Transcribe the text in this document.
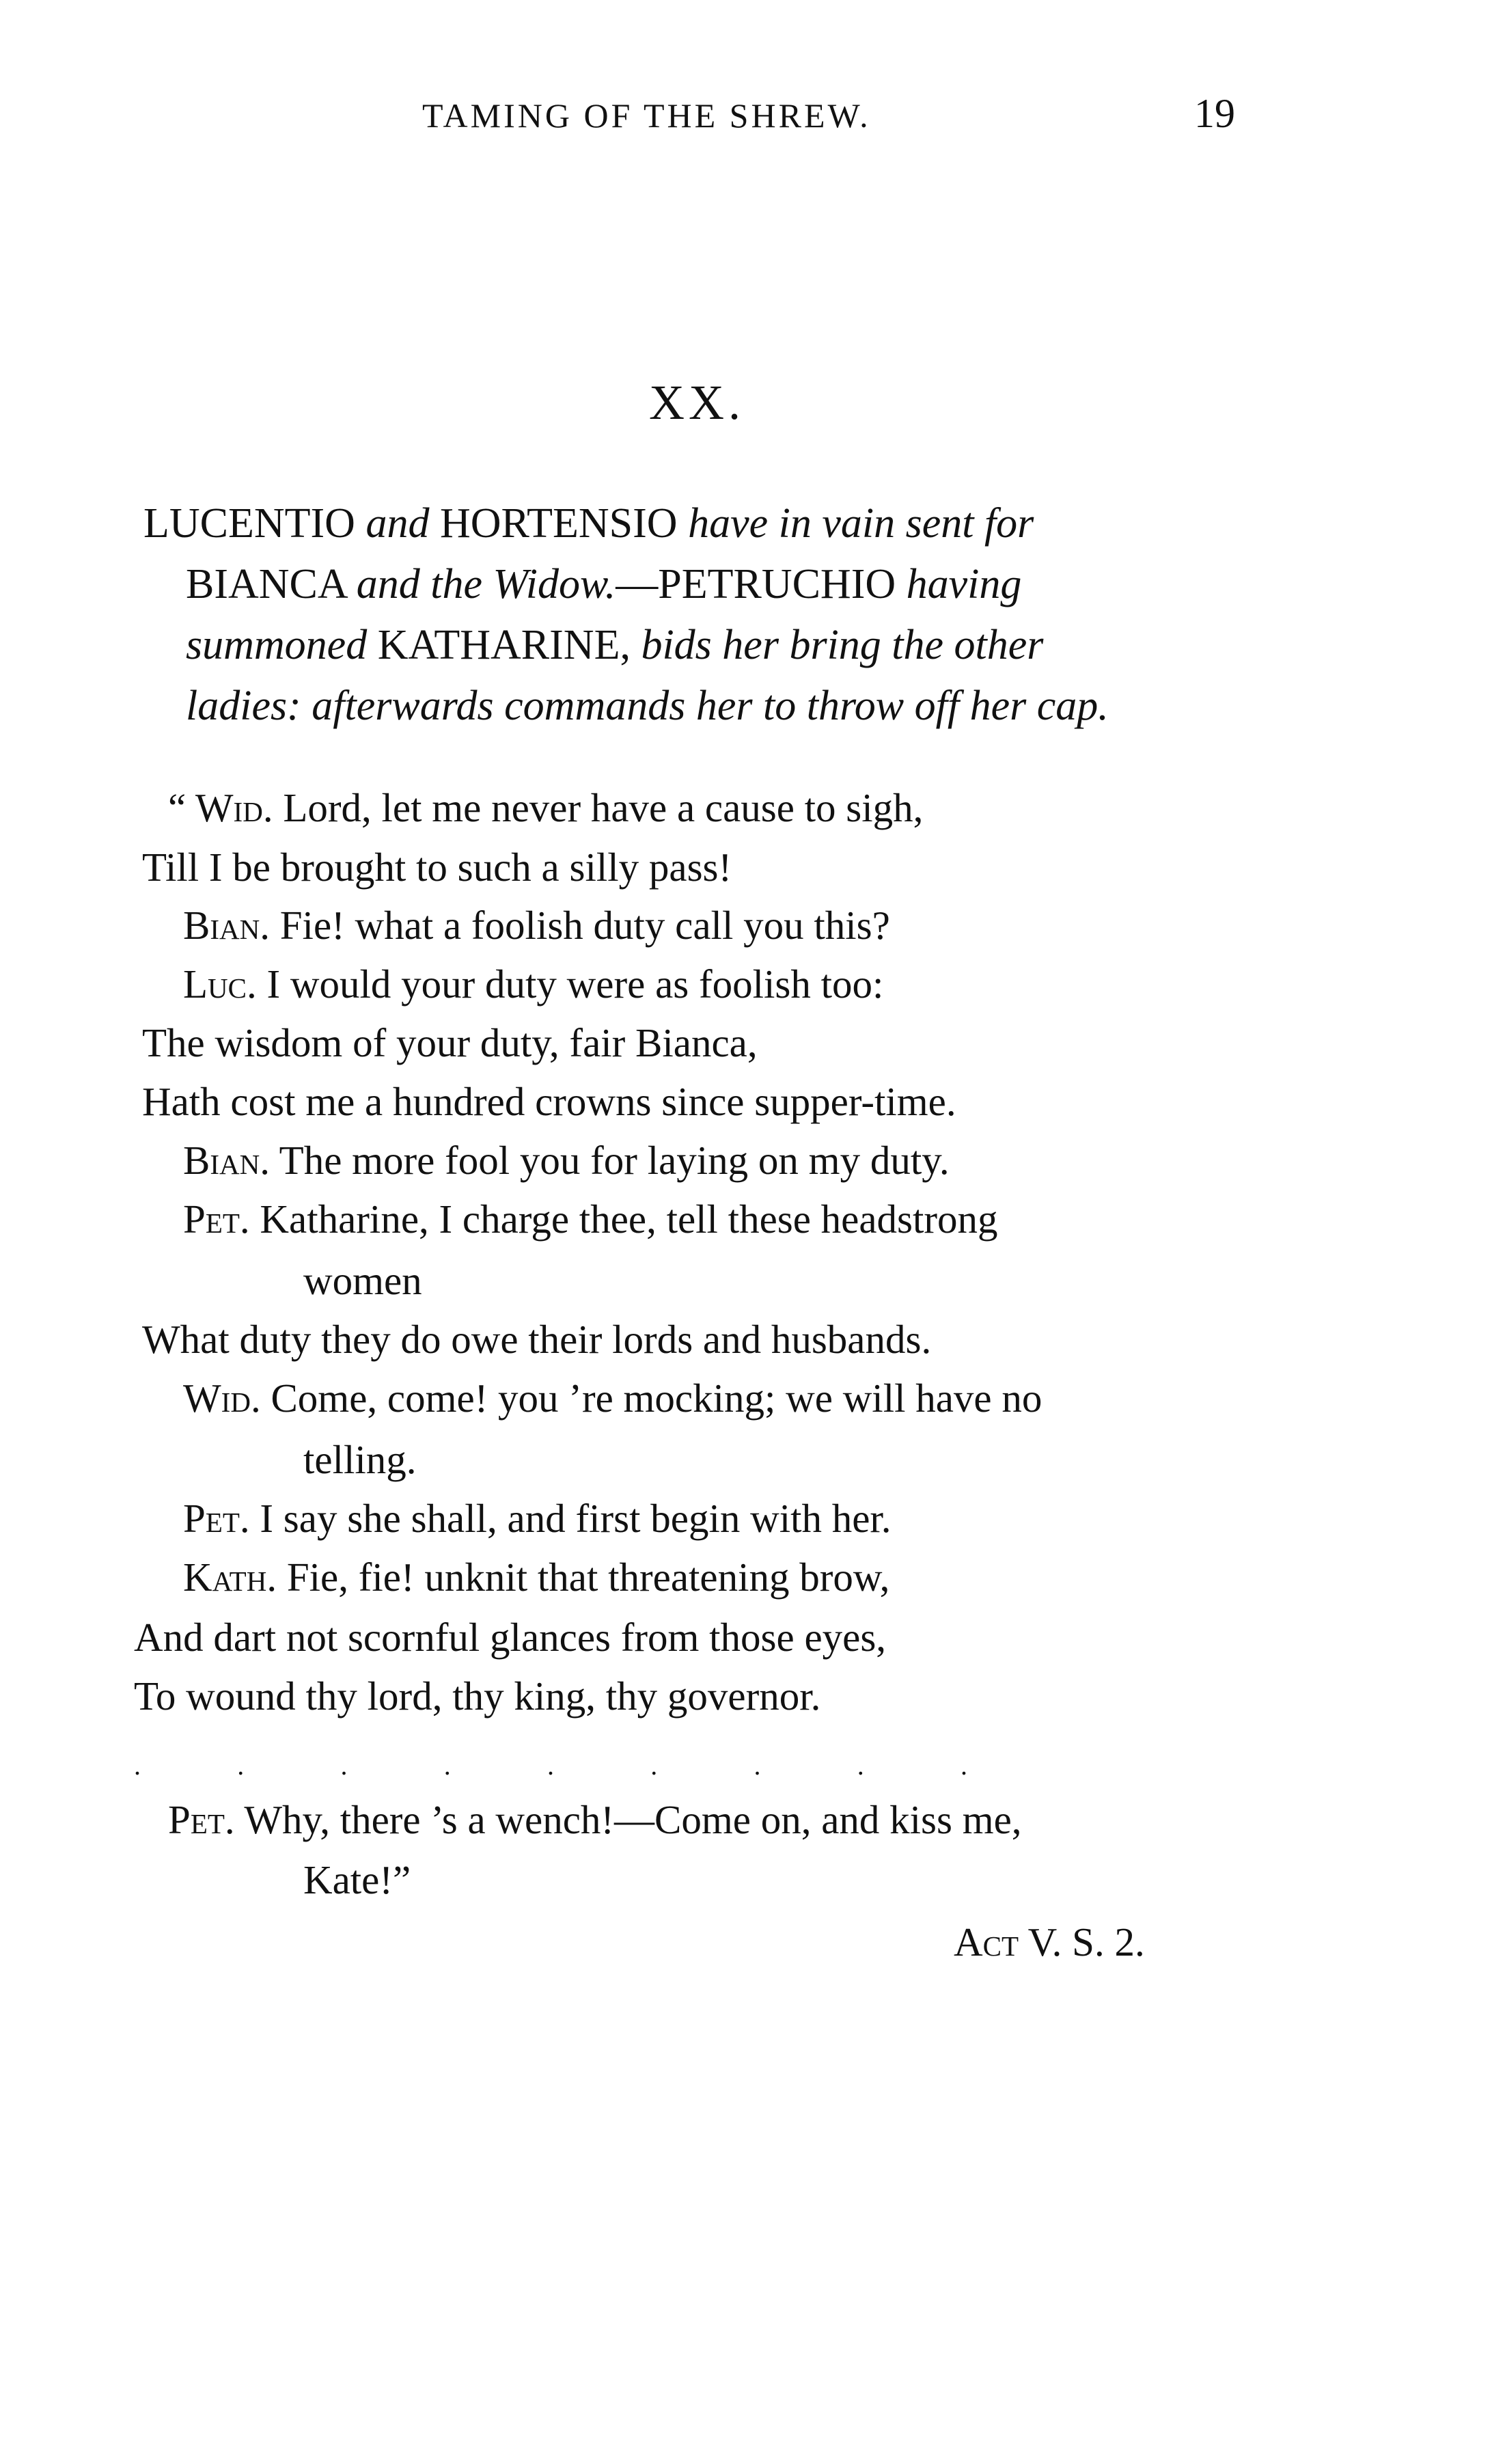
TAMING OF THE SHREW.	19
XX.
LUCENTIO and HORTENSIO have in vain sent for
BIANCA and the Widow.—PETRUCHIO having
summoned KATHARINE, bids her bring the other
ladies: afterwards commands her to throw off her cap.
“ Wid. Lord, let me never have a cause to sigh,
Till I be brought to such a silly pass!
Bian. Fie! what a foolish duty call you this?
Luc. I would your duty were as foolish too:
The wisdom of your duty, fair Bianca,
Hath cost me a hundred crowns since supper-time.
Bian. The more fool you for laying on my duty.
Pet. Katharine, I charge thee, tell these headstrong
women
What duty they do owe their lords and husbands.
Wid. Come, come! you ’re mocking; we will have no
telling.
Pet. I say she shall, and first begin with her.
Kath. Fie, fie! unknit that threatening brow,
And dart not scornful glances from those eyes,
To wound thy lord, thy king, thy governor.
.	.	.	.	.	.	.	.	.
Pet. Why, there ’s a wench!—Come on, and kiss me,
Kate!”
Act V. S. 2.
